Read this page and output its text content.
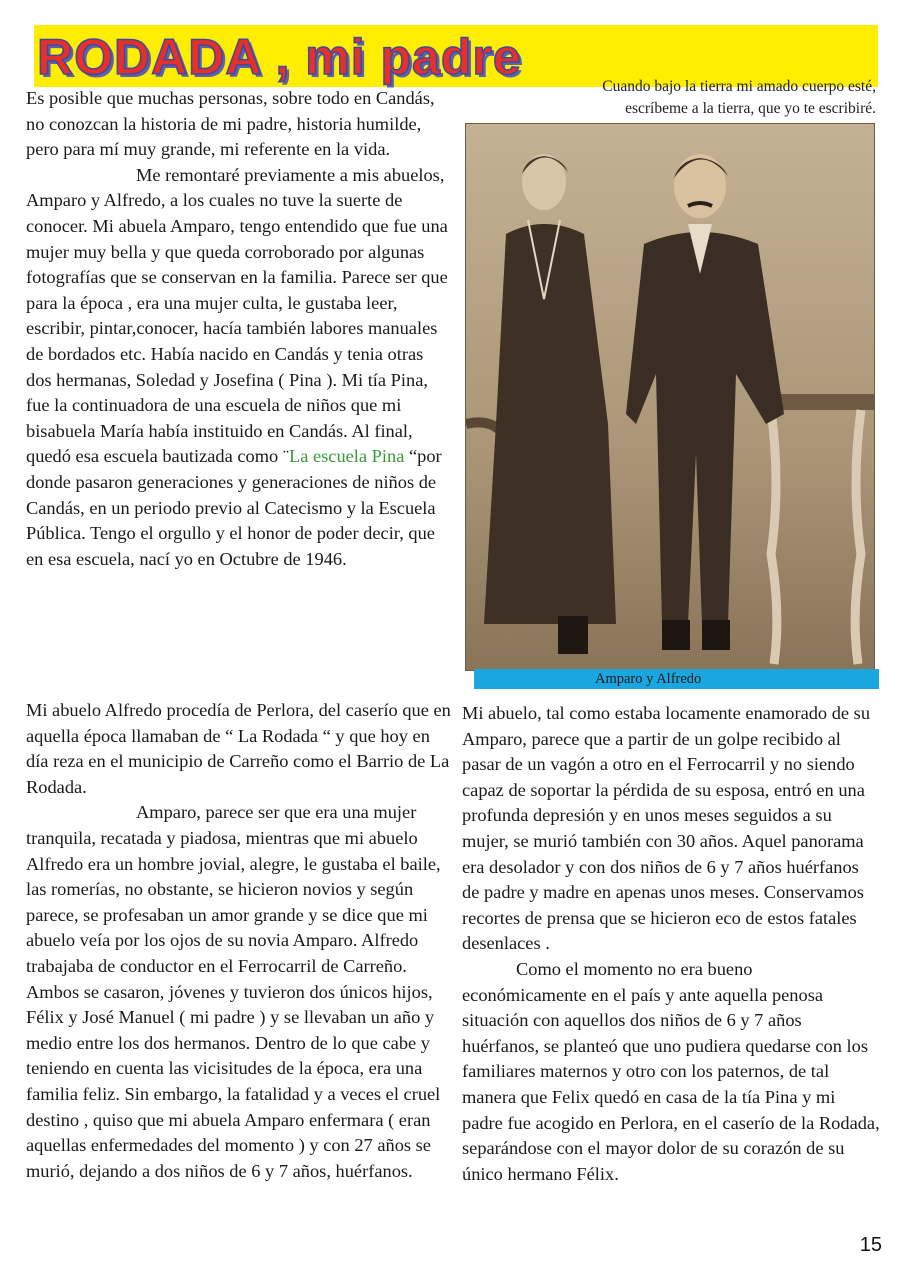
RODADA , mi padre
Cuando bajo la tierra mi amado cuerpo esté,
escríbeme a la tierra, que yo te escribiré.

Es posible que muchas personas, sobre todo en Candás, no conozcan la historia de mi padre, historia humilde, pero para mí muy grande, mi referente en la vida.

Me remontaré previamente a mis abuelos, Amparo y Alfredo, a los cuales no tuve la suerte de conocer. Mi abuela Amparo, tengo entendido que fue una mujer muy bella y que queda corroborado por algunas fotografías que se conservan en la familia. Parece ser que para la época , era una mujer culta, le gustaba leer, escribir, pintar,conocer, hacía también labores manuales de bordados etc. Había nacido en Candás y tenia otras dos hermanas, Soledad y Josefina ( Pina ). Mi tía Pina, fue la continuadora de una escuela de niños que mi bisabuela María había instituido en Candás. Al final, quedó esa escuela bautizada como ¨La escuela Pina “por donde pasaron generaciones y generaciones de niños de Candás, en un periodo previo al Catecismo y la Escuela Pública. Tengo el orgullo y el honor de poder decir, que en esa escuela, nací yo en Octubre de 1946.

Amparo y Alfredo

Mi abuelo Alfredo procedía de Perlora, del caserío que en aquella época llamaban de “ La Rodada “ y que hoy en día reza en el municipio de Carreño como el Barrio de La Rodada.

Amparo, parece ser que era una mujer tranquila, recatada y piadosa, mientras que mi abuelo Alfredo era un hombre jovial, alegre, le gustaba el baile, las romerías, no obstante, se hicieron novios y según parece, se profesaban un amor grande y se dice que mi abuelo veía por los ojos de su novia Amparo. Alfredo trabajaba de conductor en el Ferrocarril de Carreño.

Ambos se casaron, jóvenes y tuvieron dos únicos hijos, Félix y José Manuel ( mi padre ) y se llevaban un año y medio entre los dos hermanos. Dentro de lo que cabe y teniendo en cuenta las vicisitudes de la época, era una familia feliz. Sin embargo, la fatalidad y a veces el cruel destino , quiso que mi abuela Amparo enfermara ( eran aquellas enfermedades del momento ) y con 27 años se murió, dejando a dos niños de 6 y 7 años, huérfanos.

Mi abuelo, tal como estaba locamente enamorado de su Amparo, parece que a partir de un golpe recibido al pasar de un vagón a otro en el Ferrocarril y no siendo capaz de soportar la pérdida de su esposa, entró en una profunda depresión y en unos meses seguidos a su mujer, se murió también con 30 años. Aquel panorama era desolador y con dos niños de 6 y 7 años huérfanos de padre y madre en apenas unos meses. Conservamos recortes de prensa que se hicieron eco de estos fatales desenlaces .

Como el momento no era bueno económicamente en el país y ante aquella penosa situación con aquellos dos niños de 6 y 7 años huérfanos, se planteó que uno pudiera quedarse con los familiares maternos y otro con los paternos, de tal manera que Felix quedó en casa de la tía Pina y mi padre fue acogido en Perlora, en el caserío de la Rodada, separándose con el mayor dolor de su corazón de su único hermano Félix.

15
